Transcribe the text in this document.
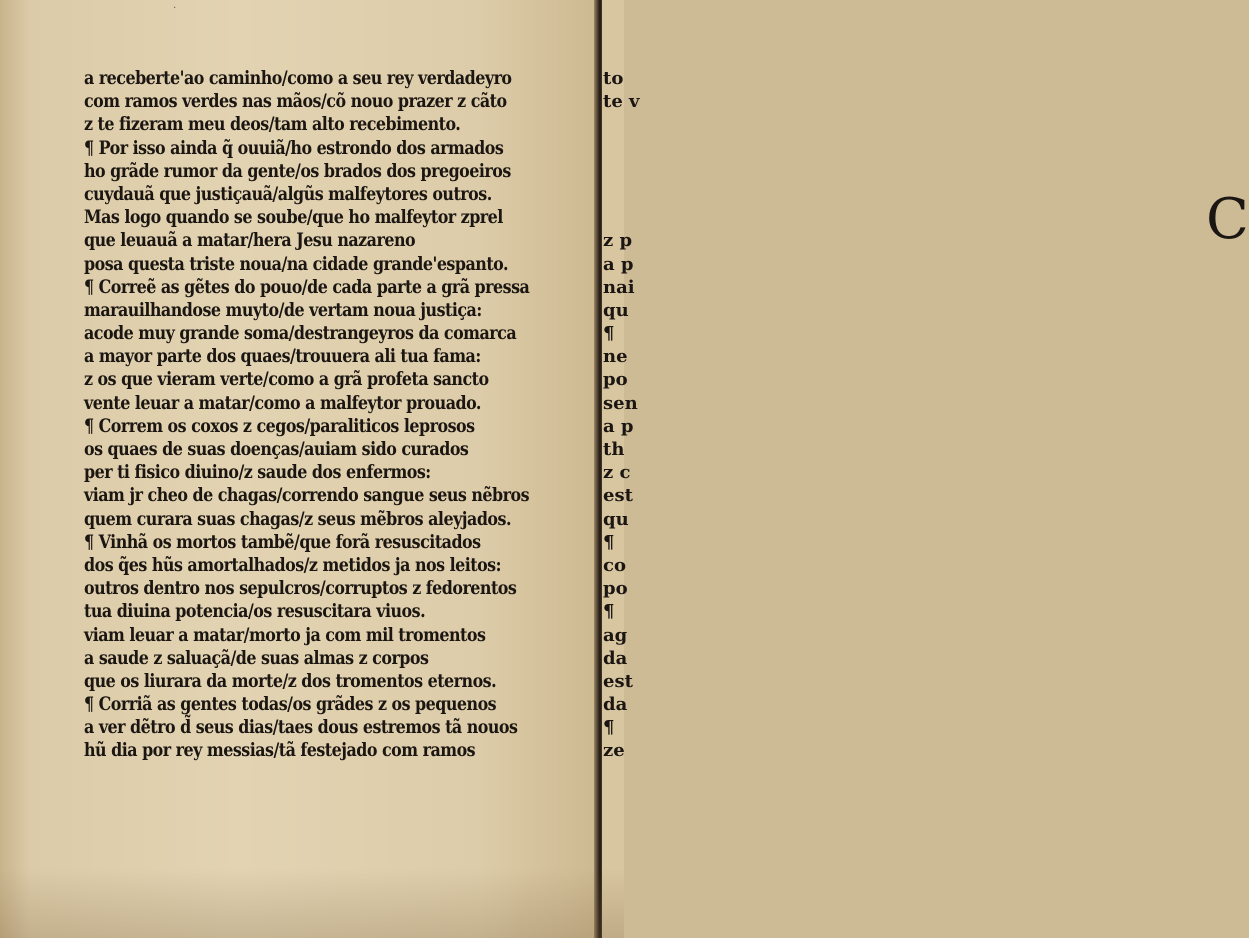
.
a receberte'ao caminho/como a seu rey verdadeyro
com ramos verdes nas mãos/cõ nouo prazer z cãto
z te fizeram meu deos/tam alto recebimento.
¶ Por isso ainda q̃ ouuiã/ho estrondo dos armados
ho grãde rumor da gente/os brados dos pregoeiros
cuydauã que justiçauã/algũs malfeytores outros.
Mas logo quando se soube/que ho malfeytor zprel
que leuauã a matar/hera Jesu nazareno
posa questa triste noua/na cidade grande'espanto.
¶ Correẽ as gẽtes do pouo/de cada parte a grã pressa
marauilhandose muyto/de vertam noua justiça:
acode muy grande soma/destrangeyros da comarca
a mayor parte dos quaes/trouuera ali tua fama:
z os que vieram verte/como a grã profeta sancto
vente leuar a matar/como a malfeytor prouado.
¶ Correm os coxos z cegos/paraliticos leprosos
os quaes de suas doenças/auiam sido curados
per ti fisico diuino/z saude dos enfermos:
viam jr cheo de chagas/correndo sangue seus nẽbros
quem curara suas chagas/z seus mẽbros aleyjados.
¶ Vinhã os mortos tambẽ/que forã resuscitados
dos q̃es hũs amortalhados/z metidos ja nos leitos:
outros dentro nos sepulcros/corruptos z fedorentos
tua diuina potencia/os resuscitara viuos.
viam leuar a matar/morto ja com mil tromentos
a saude z saluaçã/de suas almas z corpos
que os liurara da morte/z dos tromentos eternos.
¶ Corriã as gentes todas/os grãdes z os pequenos
a ver dẽtro d̃ seus dias/taes dous estremos tã nouos
hũ dia por rey messias/tã festejado com ramos
C
to
te v
z p
a p
nai
qu
¶
ne
po
sen
a p
th
z c
est
qu
¶
co
po
¶
ag
da
est
da
¶
ze
